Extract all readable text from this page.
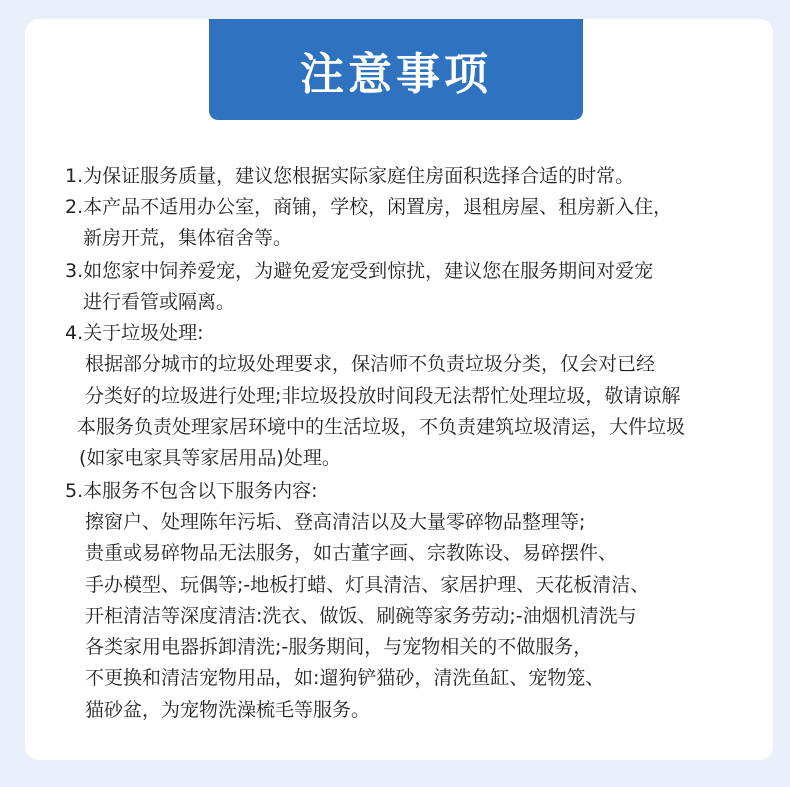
注意事项
1.为保证服务质量，建议您根据实际家庭住房面积选择合适的时常。
2.本产品不适用办公室，商铺，学校，闲置房，退租房屋、租房新入住，
新房开荒，集体宿舍等。
3.如您家中饲养爱宠，为避免爱宠受到惊扰，建议您在服务期间对爱宠
进行看管或隔离。
4.关于垃圾处理:
根据部分城市的垃圾处理要求，保洁师不负责垃圾分类，仅会对已经
分类好的垃圾进行处理;非垃圾投放时间段无法帮忙处理垃圾，敬请谅解
本服务负责处理家居环境中的生活垃圾，不负责建筑垃圾清运，大件垃圾
(如家电家具等家居用品)处理。
5.本服务不包含以下服务内容:
擦窗户、处理陈年污垢、登高清洁以及大量零碎物品整理等;
贵重或易碎物品无法服务，如古董字画、宗教陈设、易碎摆件、
手办模型、玩偶等;-地板打蜡、灯具清洁、家居护理、天花板清洁、
开柜清洁等深度清洁:洗衣、做饭、刷碗等家务劳动;-油烟机清洗与
各类家用电器拆卸清洗;-服务期间，与宠物相关的不做服务，
不更换和清洁宠物用品，如:遛狗铲猫砂，清洗鱼缸、宠物笼、
猫砂盆，为宠物洗澡梳毛等服务。
